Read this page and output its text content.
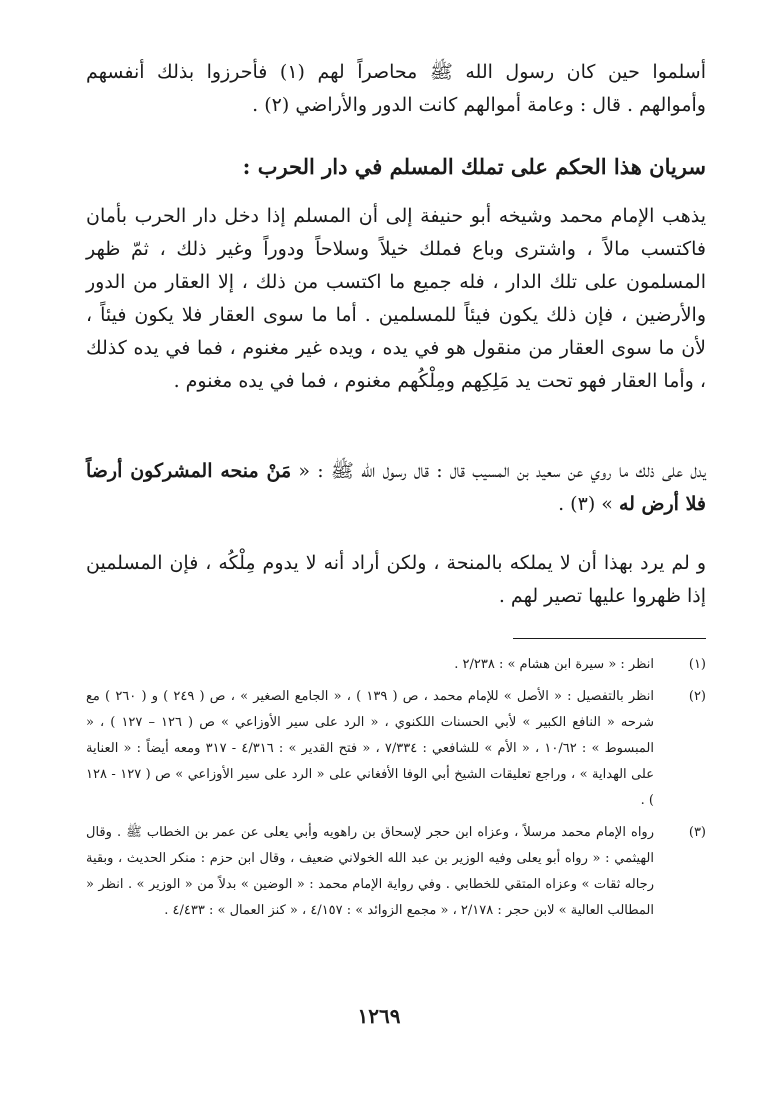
أسلموا حين كان رسول الله ﷺ محاصراً لهم (١) فأحرزوا بذلك أنفسهم وأموالهم . قال : وعامة أموالهم كانت الدور والأراضي (٢) .
سريان هذا الحكم على تملك المسلم في دار الحرب :
يذهب الإمام محمد وشيخه أبو حنيفة إلى أن المسلم إذا دخل دار الحرب بأمان فاكتسب مالاً ، واشترى وباع فملك خيلاً وسلاحاً ودوراً وغير ذلك ، ثمّ ظهر المسلمون على تلك الدار ، فله جميع ما اكتسب من ذلك ، إلا العقار من الدور والأرضين ، فإن ذلك يكون فيئاً للمسلمين . أما ما سوى العقار فلا يكون فيئاً ، لأن ما سوى العقار من منقول هو في يده ، ويده غير مغنوم ، فما في يده كذلك ، وأما العقار فهو تحت يد مَلِكِهم ومِلْكُهم مغنوم ، فما في يده مغنوم .
يدل على ذلك ما روي عن سعيد بن المسيب قال : قال رسول الله ﷺ : « مَنْ منحه المشركون أرضاً فلا أرض له » (٣) .
و لم يرد بهذا أن لا يملكه بالمنحة ، ولكن أراد أنه لا يدوم مِلْكُه ، فإن المسلمين إذا ظهروا عليها تصير لهم .
(١)
انظر : « سيرة ابن هشام » : ٢/٢٣٨ .
(٢)
انظر بالتفصيل : « الأصل » للإمام محمد ، ص ( ١٣٩ ) ، « الجامع الصغير » ، ص ( ٢٤٩ ) و ( ٢٦٠ ) مع شرحه « النافع الكبير » لأبي الحسنات اللكنوي ، « الرد على سير الأوزاعي » ص ( ١٢٦ – ١٢٧ ) ، « المبسوط » : ١٠/٦٢ ، « الأم » للشافعي : ٧/٣٣٤ ، « فتح القدير » : ٤/٣١٦ - ٣١٧ ومعه أيضاً : « العناية على الهداية » ، وراجع تعليقات الشيخ أبي الوفا الأفغاني على « الرد على سير الأوزاعي » ص ( ١٢٧ - ١٢٨ ) .
(٣)
رواه الإمام محمد مرسلاً ، وعزاه ابن حجر لإسحاق بن راهويه وأبي يعلى عن عمر بن الخطاب ﷺ . وقال الهيثمي : « رواه أبو يعلى وفيه الوزير بن عبد الله الخولاني ضعيف ، وقال ابن حزم : منكر الحديث ، وبقية رجاله ثقات » وعزاه المتقي للخطابي . وفي رواية الإمام محمد : « الوضين » بدلاً من « الوزير » . انظر « المطالب العالية » لابن حجر : ٢/١٧٨ ، « مجمع الزوائد » : ٤/١٥٧ ، « كنز العمال » : ٤/٤٣٣ .
١٢٦٩
